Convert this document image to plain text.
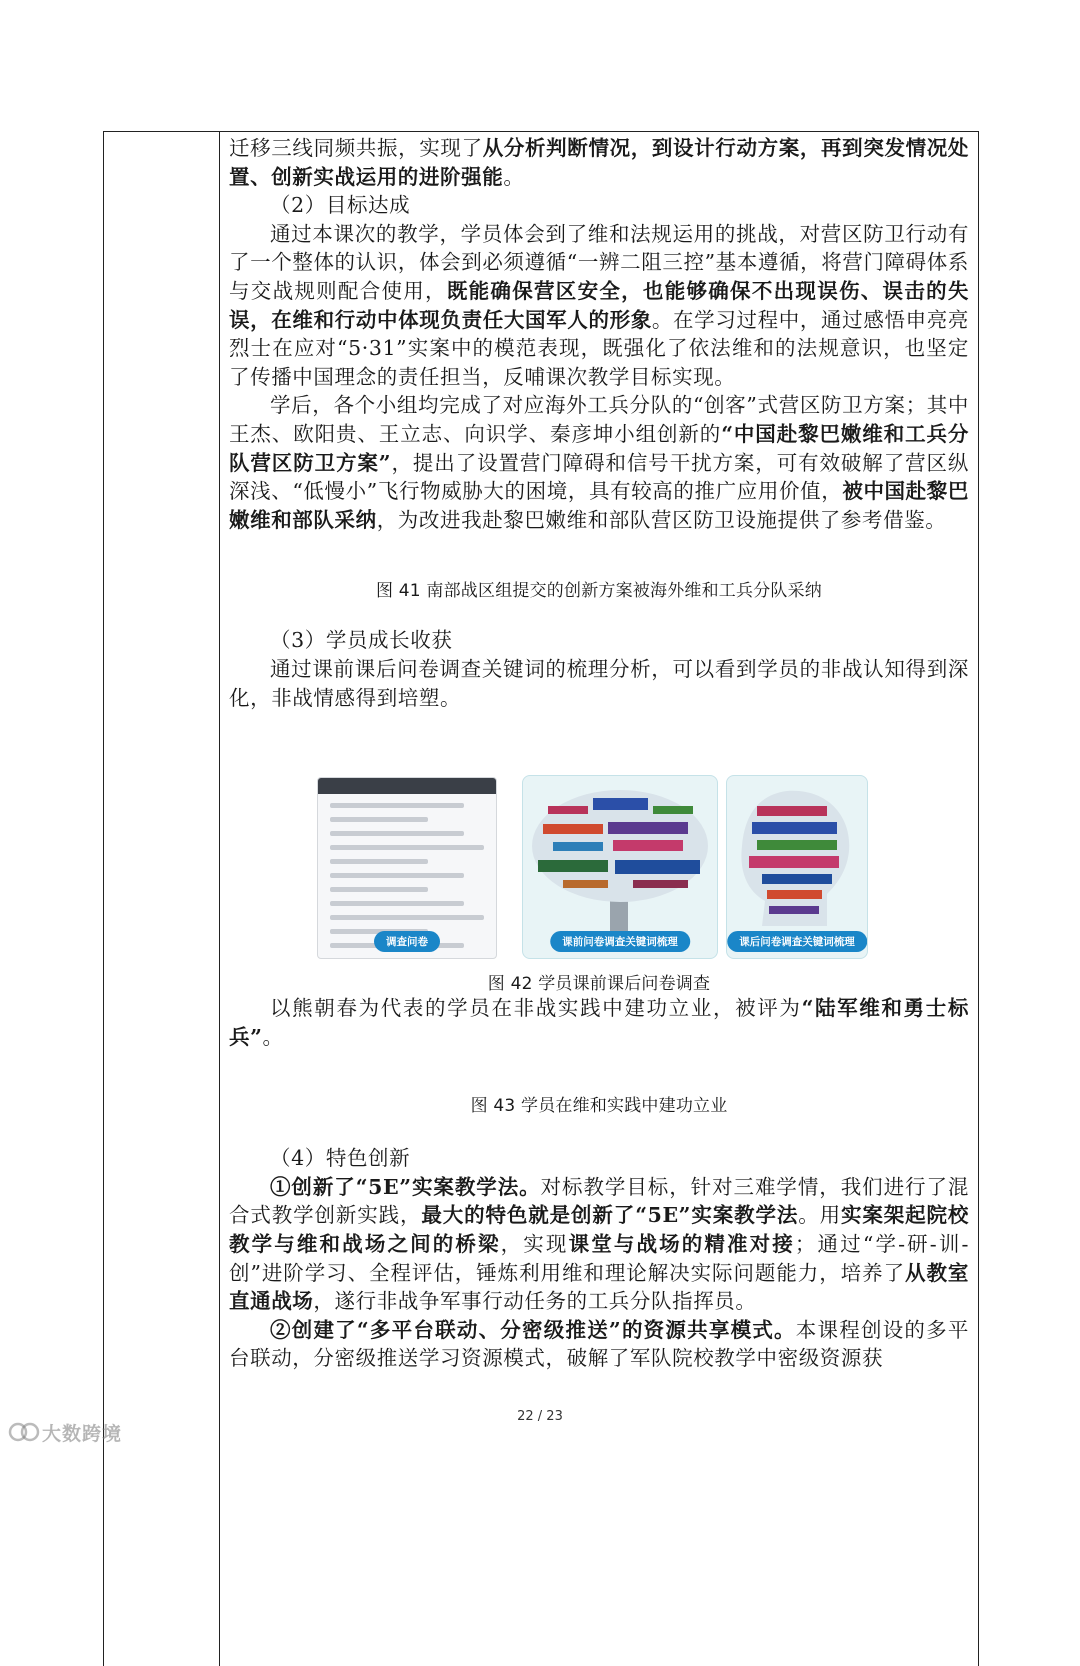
迁移三线同频共振，实现了从分析判断情况，到设计行动方案，再到突发情况处置、创新实战运用的进阶强能。

（2）目标达成

通过本课次的教学，学员体会到了维和法规运用的挑战，对营区防卫行动有了一个整体的认识，体会到必须遵循“一辨二阻三控”基本遵循，将营门障碍体系与交战规则配合使用，既能确保营区安全，也能够确保不出现误伤、误击的失误，在维和行动中体现负责任大国军人的形象。在学习过程中，通过感悟申亮亮烈士在应对“5·31”实案中的模范表现，既强化了依法维和的法规意识，也坚定了传播中国理念的责任担当，反哺课次教学目标实现。

学后，各个小组均完成了对应海外工兵分队的“创客”式营区防卫方案；其中王杰、欧阳贵、王立志、向识学、秦彦坤小组创新的“中国赴黎巴嫩维和工兵分队营区防卫方案”，提出了设置营门障碍和信号干扰方案，可有效破解了营区纵深浅、“低慢小”飞行物威胁大的困境，具有较高的推广应用价值，被中国赴黎巴嫩维和部队采纳，为改进我赴黎巴嫩维和部队营区防卫设施提供了参考借鉴。

图 41 南部战区组提交的创新方案被海外维和工兵分队采纳

（3）学员成长收获

通过课前课后问卷调查关键词的梳理分析，可以看到学员的非战认知得到深化，非战情感得到培塑。

调查问卷	课前问卷调查关键词梳理	课后问卷调查关键词梳理

图 42 学员课前课后问卷调查

以熊朝春为代表的学员在非战实践中建功立业，被评为“陆军维和勇士标兵”。

图 43 学员在维和实践中建功立业

（4）特色创新

①创新了“5E”实案教学法。对标教学目标，针对三难学情，我们进行了混合式教学创新实践，最大的特色就是创新了“5E”实案教学法。用实案架起院校教学与维和战场之间的桥梁，实现课堂与战场的精准对接；通过“学-研-训-创”进阶学习、全程评估，锤炼利用维和理论解决实际问题能力，培养了从教室直通战场，遂行非战争军事行动任务的工兵分队指挥员。

②创建了“多平台联动、分密级推送”的资源共享模式。本课程创设的多平台联动，分密级推送学习资源模式，破解了军队院校教学中密级资源获

22 / 23
大数跨境
